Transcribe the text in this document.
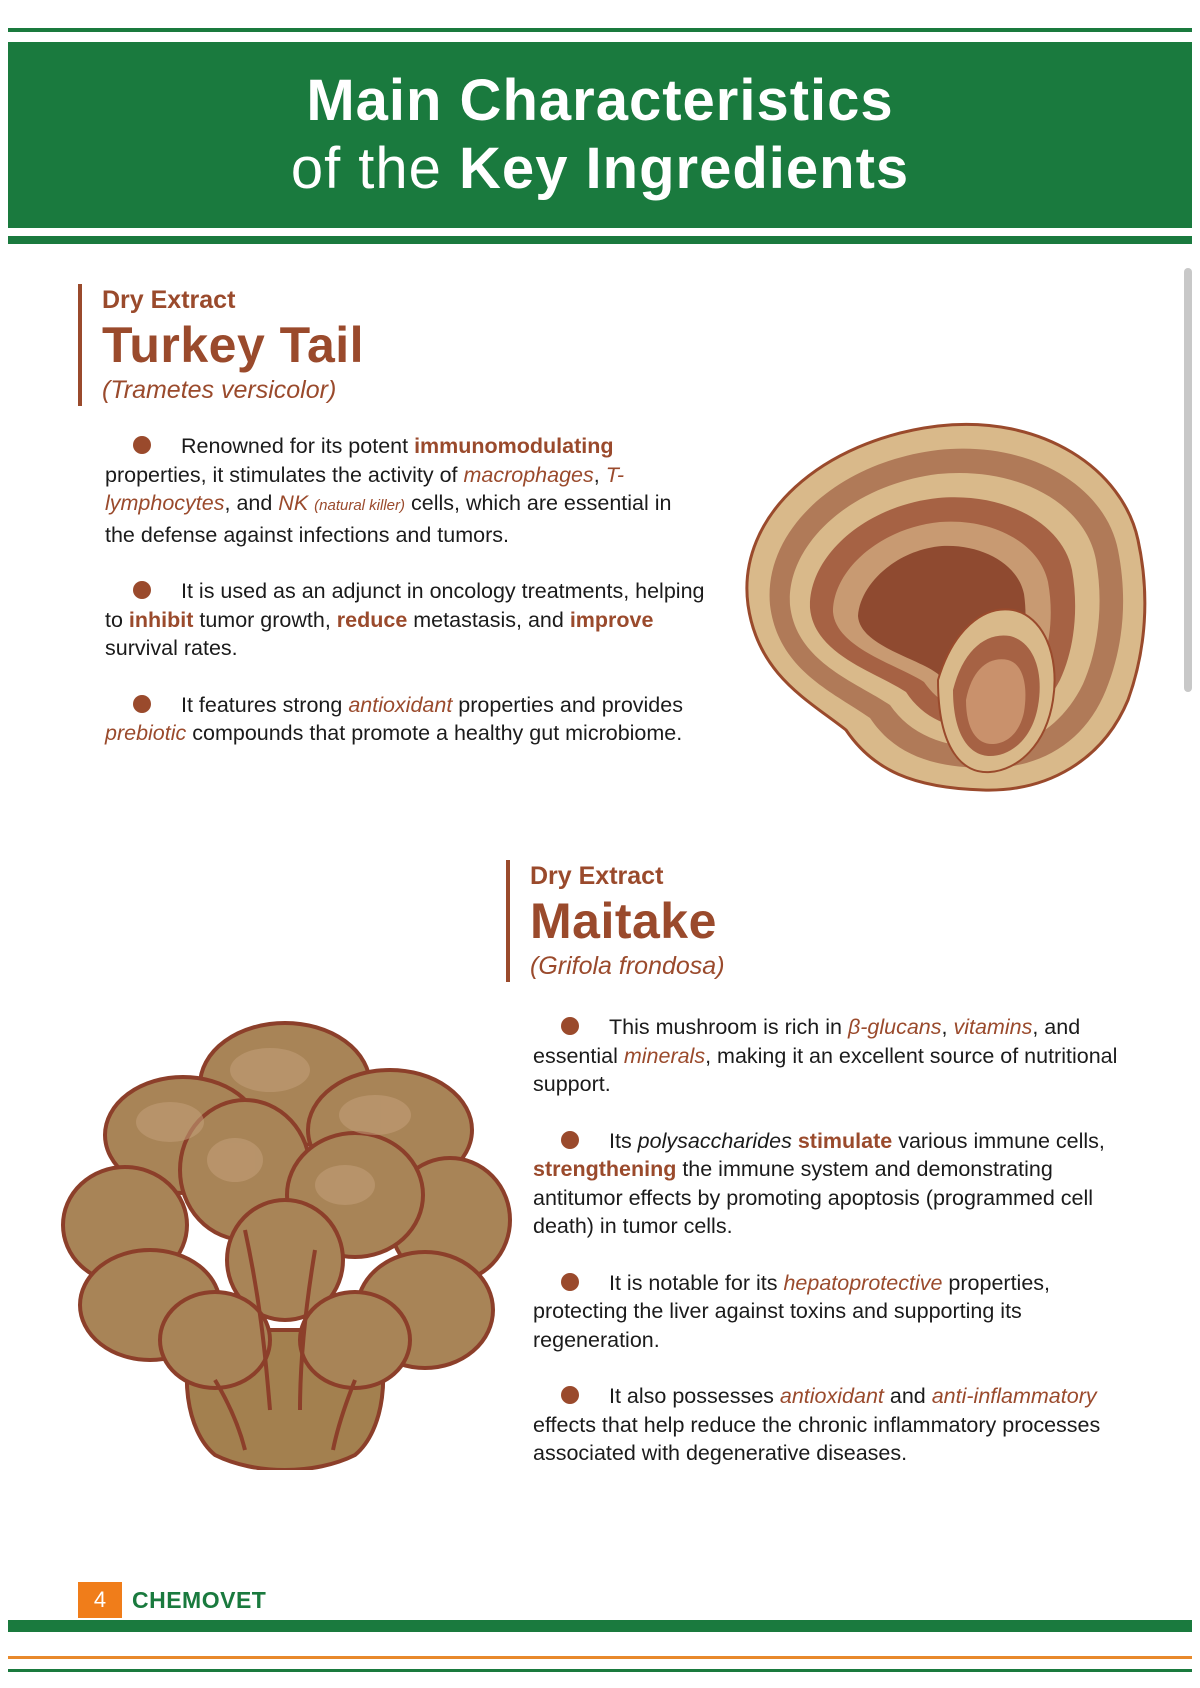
Main Characteristics
of the Key Ingredients
Dry Extract
Turkey Tail
(Trametes versicolor)
Renowned for its potent immunomodulating properties, it stimulates the activity of macrophages, T-lymphocytes, and NK (natural killer) cells, which are essential in the defense against infections and tumors.
It is used as an adjunct in oncology treatments, helping to inhibit tumor growth, reduce metastasis, and improve survival rates.
It features strong antioxidant properties and provides prebiotic compounds that promote a healthy gut microbiome.
Dry Extract
Maitake
(Grifola frondosa)
This mushroom is rich in β-glucans, vitamins, and essential minerals, making it an excellent source of nutritional support.
Its polysaccharides stimulate various immune cells, strengthening the immune system and demonstrating antitumor effects by promoting apoptosis (programmed cell death) in tumor cells.
It is notable for its hepatoprotective properties, protecting the liver against toxins and supporting its regeneration.
It also possesses antioxidant and anti-inflammatory effects that help reduce the chronic inflammatory processes associated with degenerative diseases.
4	CHEMOVET
